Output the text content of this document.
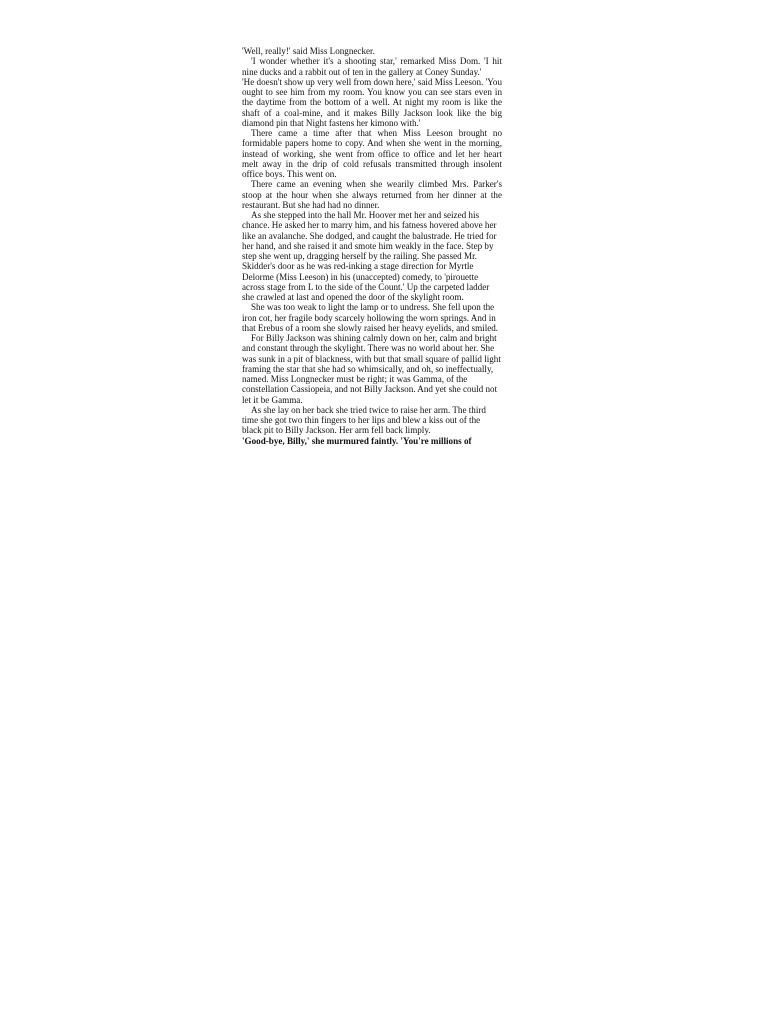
'Well, really!' said Miss Longnecker.

'I wonder whether it's a shooting star,' remarked Miss Dom. 'I hit nine ducks and a rabbit out of ten in the gallery at Coney Sunday.'

'He doesn't show up very well from down here,' said Miss Leeson. 'You ought to see him from my room. You know you can see stars even in the daytime from the bottom of a well. At night my room is like the shaft of a coal-mine, and it makes Billy Jackson look like the big diamond pin that Night fastens her kimono with.'

There came a time after that when Miss Leeson brought no formidable papers home to copy. And when she went in the morning, instead of working, she went from office to office and let her heart melt away in the drip of cold refusals transmitted through insolent office boys. This went on.

There came an evening when she wearily climbed Mrs. Parker's stoop at the hour when she always returned from her dinner at the restaurant. But she had had no dinner.

As she stepped into the hall Mr. Hoover met her and seized his chance. He asked her to marry him, and his fatness hovered above her like an avalanche. She dodged, and caught the balustrade. He tried for her hand, and she raised it and smote him weakly in the face. Step by step she went up, dragging herself by the railing. She passed Mr. Skidder's door as he was red-inking a stage direction for Myrtle Delorme (Miss Leeson) in his (unaccepted) comedy, to 'pirouette across stage from L to the side of the Count.' Up the carpeted ladder she crawled at last and opened the door of the skylight room.

She was too weak to light the lamp or to undress. She fell upon the iron cot, her fragile body scarcely hollowing the worn springs. And in that Erebus of a room she slowly raised her heavy eyelids, and smiled.

For Billy Jackson was shining calmly down on her, calm and bright and constant through the skylight. There was no world about her. She was sunk in a pit of blackness, with but that small square of pallid light framing the star that she had so whimsically, and oh, so ineffectually, named. Miss Longnecker must be right; it was Gamma, of the constellation Cassiopeia, and not Billy Jackson. And yet she could not let it be Gamma.

As she lay on her back she tried twice to raise her arm. The third time she got two thin fingers to her lips and blew a kiss out of the black pit to Billy Jackson. Her arm fell back limply.

'Good-bye, Billy,' she murmured faintly. 'You're millions of
